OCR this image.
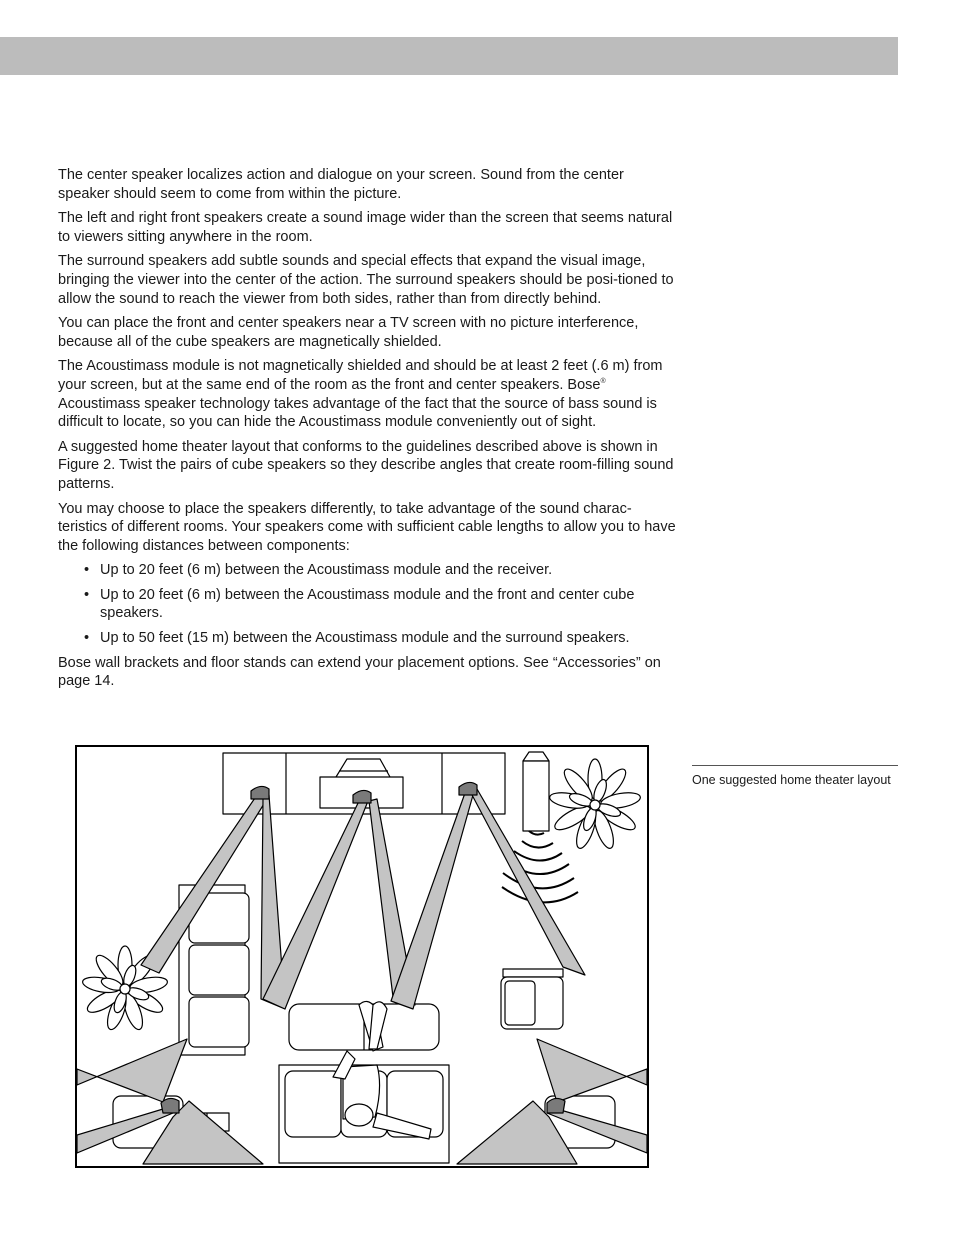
The center speaker localizes action and dialogue on your screen. Sound from the center speaker should seem to come from within the picture.

The left and right front speakers create a sound image wider than the screen that seems natural to viewers sitting anywhere in the room.

The surround speakers add subtle sounds and special effects that expand the visual image, bringing the viewer into the center of the action. The surround speakers should be posi-tioned to allow the sound to reach the viewer from both sides, rather than from directly behind.

You can place the front and center speakers near a TV screen with no picture interference, because all of the cube speakers are magnetically shielded.

The Acoustimass module is not magnetically shielded and should be at least 2 feet (.6 m) from your screen, but at the same end of the room as the front and center speakers. Bose® Acoustimass speaker technology takes advantage of the fact that the source of bass sound is difficult to locate, so you can hide the Acoustimass module conveniently out of sight.

A suggested home theater layout that conforms to the guidelines described above is shown in Figure 2. Twist the pairs of cube speakers so they describe angles that create room-filling sound patterns.

You may choose to place the speakers differently, to take advantage of the sound charac-teristics of different rooms. Your speakers come with sufficient cable lengths to allow you to have the following distances between components:

• Up to 20 feet (6 m) between the Acoustimass module and the receiver.
• Up to 20 feet (6 m) between the Acoustimass module and the front and center cube speakers.
• Up to 50 feet (15 m) between the Acoustimass module and the surround speakers.

Bose wall brackets and floor stands can extend your placement options. See “Accessories” on page 14.

One suggested home theater layout
